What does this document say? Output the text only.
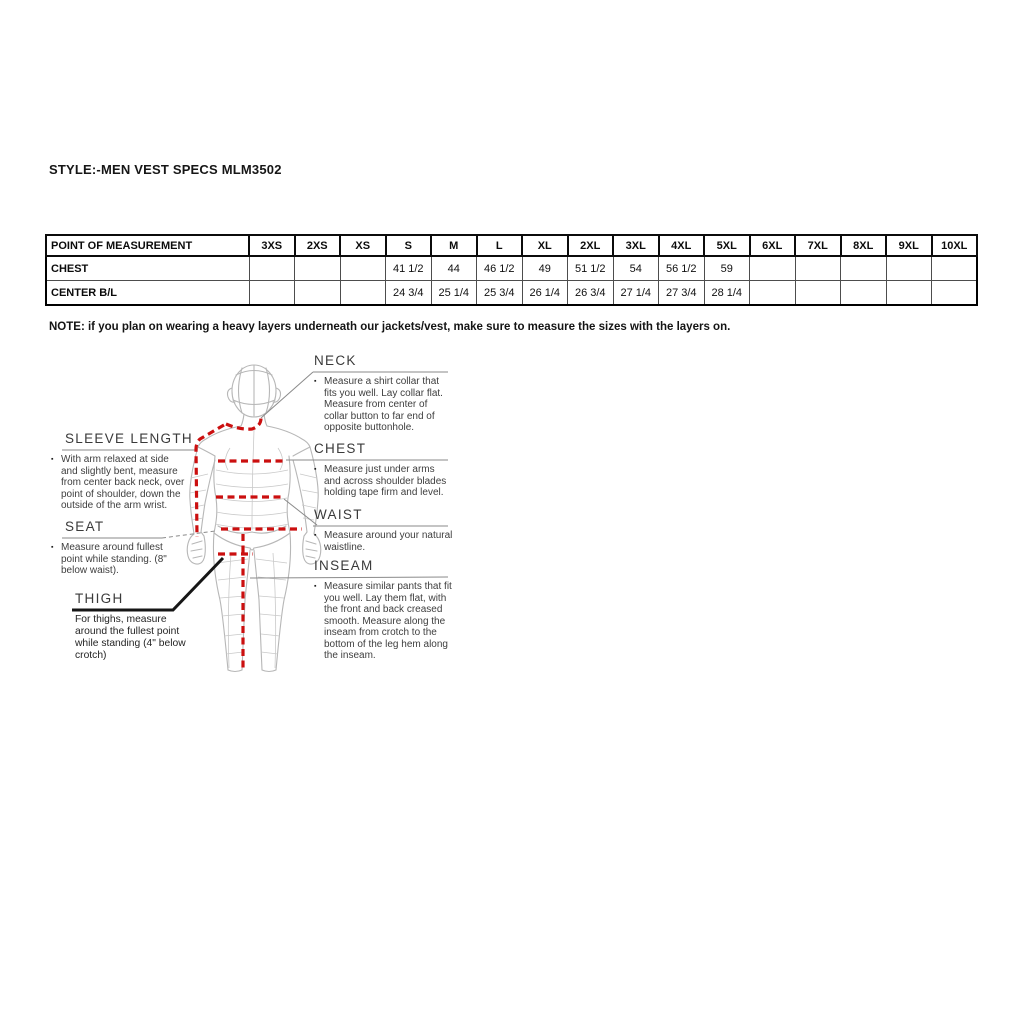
STYLE:-MEN VEST SPECS MLM3502
POINT OF MEASUREMENT	3XS	2XS	XS	S	M	L	XL	2XL	3XL	4XL	5XL	6XL	7XL	8XL	9XL	10XL
CHEST				41 1/2	44	46 1/2	49	51 1/2	54	56 1/2	59					
CENTER B/L				24 3/4	25 1/4	25 3/4	26 1/4	26 3/4	27 1/4	27 3/4	28 1/4					
NOTE: if you plan on wearing a heavy layers underneath our jackets/vest, make sure to measure the sizes with the layers on.
NECK
▪ Measure a shirt collar that fits you well. Lay collar flat. Measure from center of collar button to far end of opposite buttonhole.
CHEST
▪ Measure just under arms and across shoulder blades holding tape firm and level.
WAIST
▪ Measure around your natural waistline.
INSEAM
▪ Measure similar pants that fit you well. Lay them flat, with the front and back creased smooth. Measure along the inseam from crotch to the bottom of the leg hem along the inseam.
SLEEVE LENGTH
▪ With arm relaxed at side and slightly bent, measure from center back neck, over point of shoulder, down the outside of the arm wrist.
SEAT
▪ Measure around fullest point while standing. (8" below waist).
THIGH
For thighs, measure around the fullest point while standing (4" below crotch)
